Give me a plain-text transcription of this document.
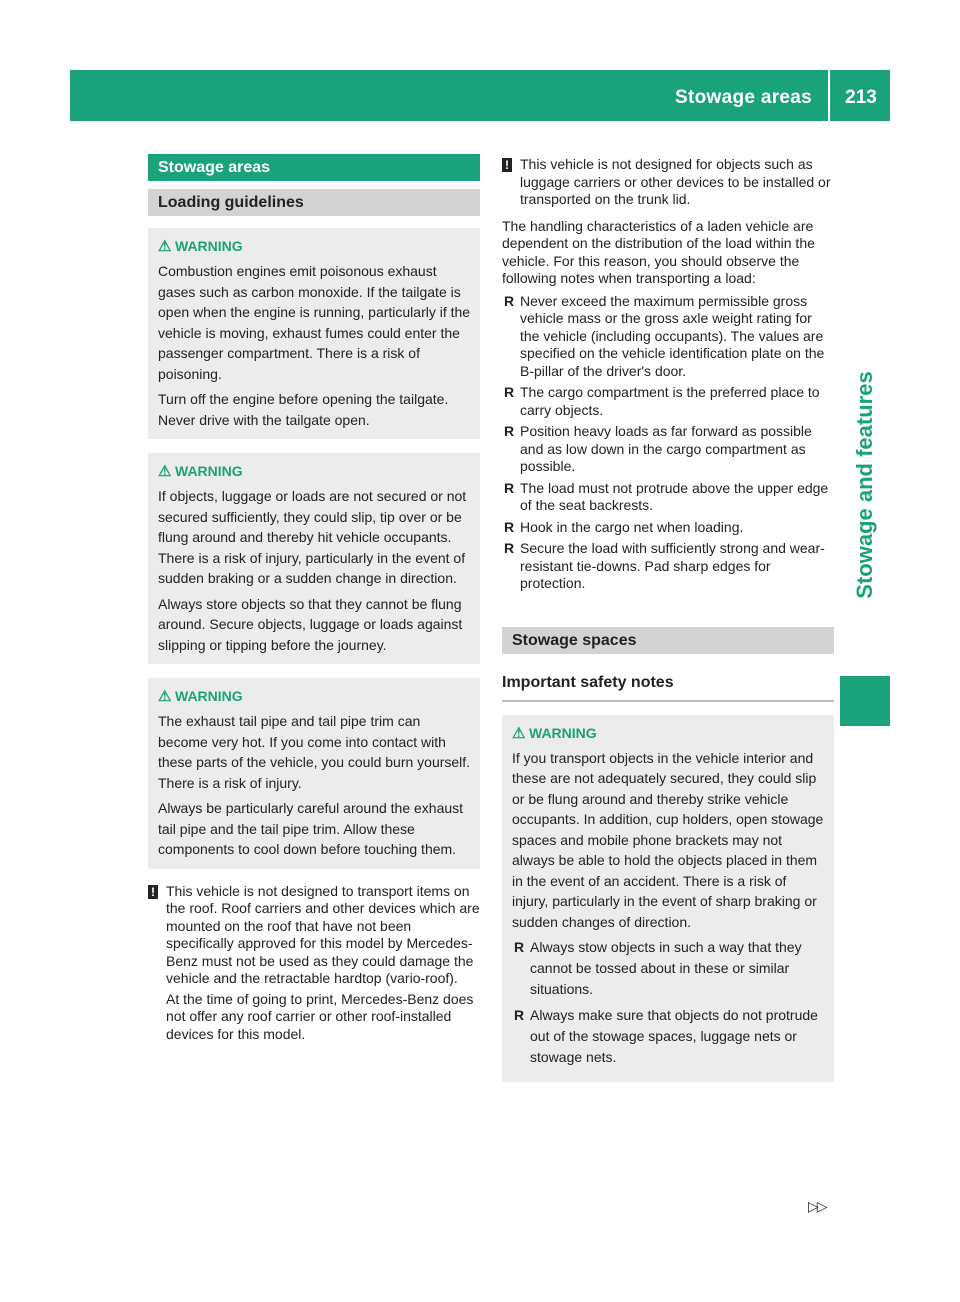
Stowage areas	213
Stowage and features
Stowage areas
Loading guidelines
⚠ WARNING

Combustion engines emit poisonous exhaust gases such as carbon monoxide. If the tailgate is open when the engine is running, particularly if the vehicle is moving, exhaust fumes could enter the passenger compartment. There is a risk of poisoning.

Turn off the engine before opening the tailgate. Never drive with the tailgate open.

⚠ WARNING

If objects, luggage or loads are not secured or not secured sufficiently, they could slip, tip over or be flung around and thereby hit vehicle occupants. There is a risk of injury, particularly in the event of sudden braking or a sudden change in direction.

Always store objects so that they cannot be flung around. Secure objects, luggage or loads against slipping or tipping before the journey.

⚠ WARNING

The exhaust tail pipe and tail pipe trim can become very hot. If you come into contact with these parts of the vehicle, you could burn yourself. There is a risk of injury.

Always be particularly careful around the exhaust tail pipe and the tail pipe trim. Allow these components to cool down before touching them.

! This vehicle is not designed to transport items on the roof. Roof carriers and other devices which are mounted on the roof that have not been specifically approved for this model by Mercedes-Benz must not be used as they could damage the vehicle and the retractable hardtop (vario-roof).

At the time of going to print, Mercedes-Benz does not offer any roof carrier or other roof-installed devices for this model.

! This vehicle is not designed for objects such as luggage carriers or other devices to be installed or transported on the trunk lid.

The handling characteristics of a laden vehicle are dependent on the distribution of the load within the vehicle. For this reason, you should observe the following notes when transporting a load:

R Never exceed the maximum permissible gross vehicle mass or the gross axle weight rating for the vehicle (including occupants). The values are specified on the vehicle identification plate on the B-pillar of the driver's door.
R The cargo compartment is the preferred place to carry objects.
R Position heavy loads as far forward as possible and as low down in the cargo compartment as possible.
R The load must not protrude above the upper edge of the seat backrests.
R Hook in the cargo net when loading.
R Secure the load with sufficiently strong and wear-resistant tie-downs. Pad sharp edges for protection.
Stowage spaces
Important safety notes
⚠ WARNING

If you transport objects in the vehicle interior and these are not adequately secured, they could slip or be flung around and thereby strike vehicle occupants. In addition, cup holders, open stowage spaces and mobile phone brackets may not always be able to hold the objects placed in them in the event of an accident. There is a risk of injury, particularly in the event of sharp braking or sudden changes of direction.

R Always stow objects in such a way that they cannot be tossed about in these or similar situations.
R Always make sure that objects do not protrude out of the stowage spaces, luggage nets or stowage nets.
▷▷
